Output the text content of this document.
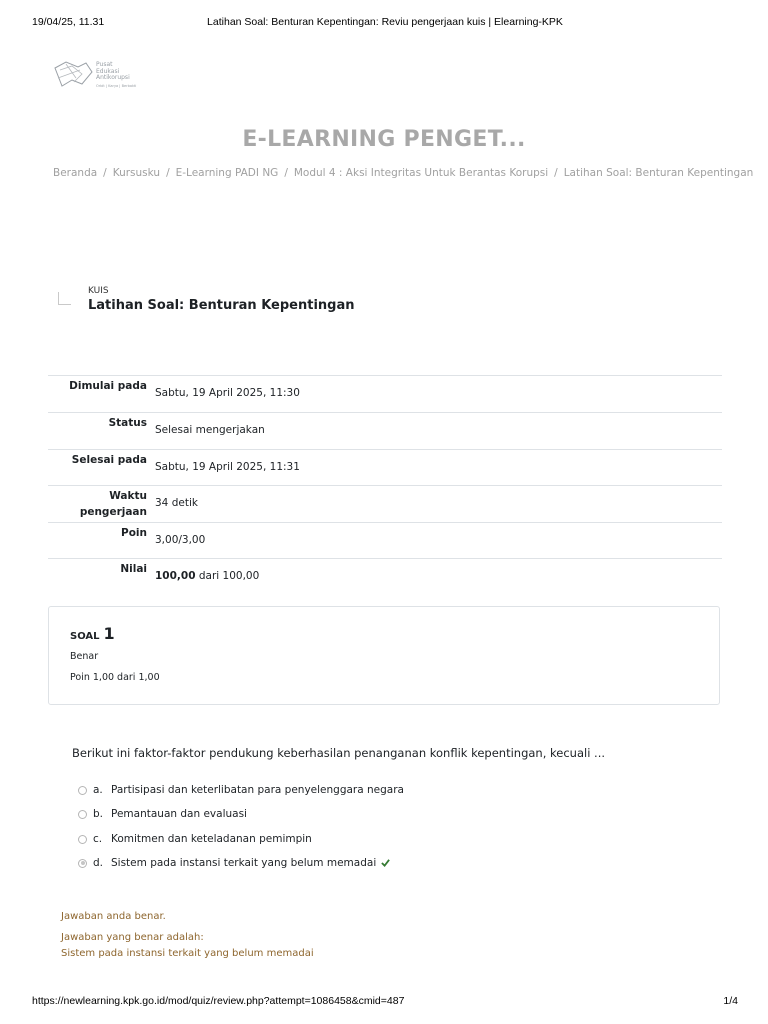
19/04/25, 11.31	Latihan Soal: Benturan Kepentingan: Reviu pengerjaan kuis | Elearning-KPK
Pusat
Edukasi
Antikorupsi
Orbit | Karya | Berbakti
E-LEARNING PENGET...
Beranda / Kursusku / E-Learning PADI NG / Modul 4 : Aksi Integritas Untuk Berantas Korupsi / Latihan Soal: Benturan Kepentingan
KUIS
Latihan Soal: Benturan Kepentingan
Dimulai pada	Sabtu, 19 April 2025, 11:30
Status	Selesai mengerjakan
Selesai pada	Sabtu, 19 April 2025, 11:31
Waktu
pengerjaan	34 detik
Poin	3,00/3,00
Nilai	100,00 dari 100,00
SOAL 1
Benar
Poin 1,00 dari 1,00
Berikut ini faktor-faktor pendukung keberhasilan penanganan konflik kepentingan, kecuali ...
a. Partisipasi dan keterlibatan para penyelenggara negara
b. Pemantauan dan evaluasi
c. Komitmen dan keteladanan pemimpin
d. Sistem pada instansi terkait yang belum memadai
Jawaban anda benar.
Jawaban yang benar adalah:
Sistem pada instansi terkait yang belum memadai
https://newlearning.kpk.go.id/mod/quiz/review.php?attempt=1086458&cmid=487	1/4
